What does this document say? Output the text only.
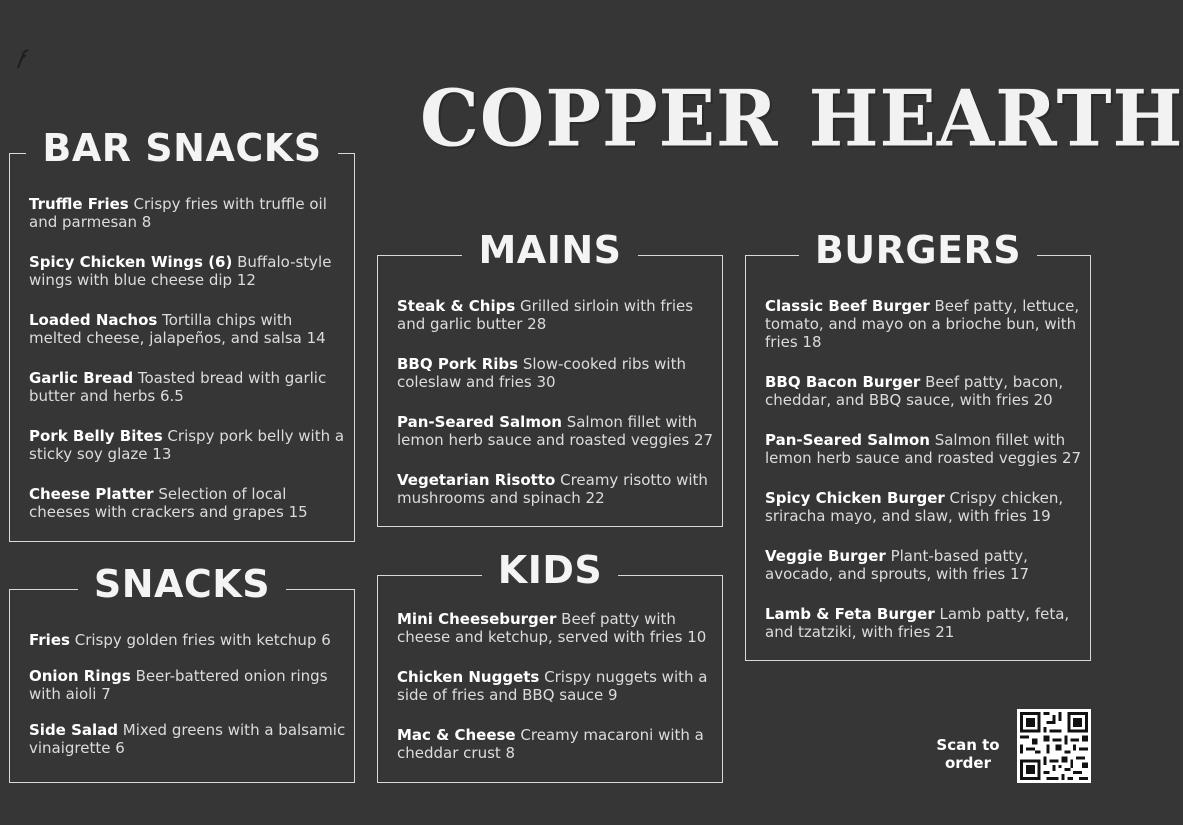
COPPER HEARTH
BAR SNACKS

Truffle Fries Crispy fries with truffle oil and parmesan 8

Spicy Chicken Wings (6) Buffalo-style wings with blue cheese dip 12

Loaded Nachos Tortilla chips with melted cheese, jalapeños, and salsa 14

Garlic Bread Toasted bread with garlic butter and herbs 6.5

Pork Belly Bites Crispy pork belly with a sticky soy glaze 13

Cheese Platter Selection of local cheeses with crackers and grapes 15

SNACKS

Fries Crispy golden fries with ketchup 6

Onion Rings Beer-battered onion rings with aioli 7

Side Salad Mixed greens with a balsamic vinaigrette 6

MAINS

Steak & Chips Grilled sirloin with fries and garlic butter 28

BBQ Pork Ribs Slow-cooked ribs with coleslaw and fries 30

Pan-Seared Salmon Salmon fillet with lemon herb sauce and roasted veggies 27

Vegetarian Risotto Creamy risotto with mushrooms and spinach 22

KIDS

Mini Cheeseburger Beef patty with cheese and ketchup, served with fries 10

Chicken Nuggets Crispy nuggets with a side of fries and BBQ sauce 9

Mac & Cheese Creamy macaroni with a cheddar crust 8

BURGERS

Classic Beef Burger Beef patty, lettuce, tomato, and mayo on a brioche bun, with fries 18

BBQ Bacon Burger Beef patty, bacon, cheddar, and BBQ sauce, with fries 20

Pan-Seared Salmon Salmon fillet with lemon herb sauce and roasted veggies 27

Spicy Chicken Burger Crispy chicken, sriracha mayo, and slaw, with fries 19

Veggie Burger Plant-based patty, avocado, and sprouts, with fries 17

Lamb & Feta Burger Lamb patty, feta, and tzatziki, with fries 21

Scan to
order
